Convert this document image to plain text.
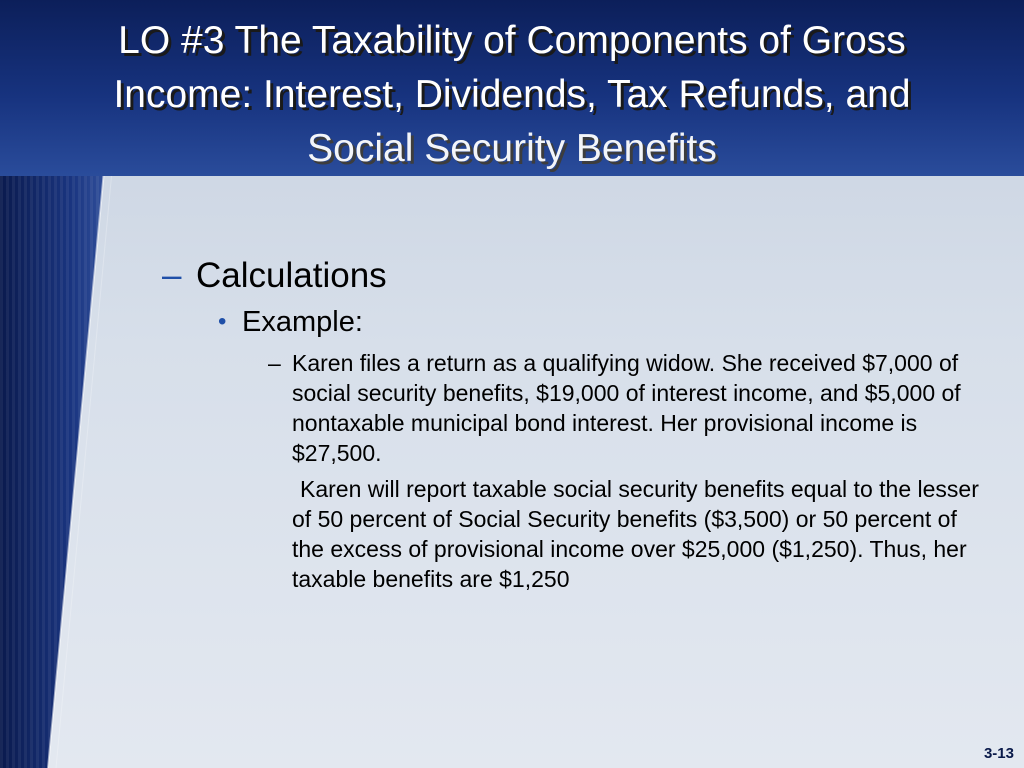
LO #3 The Taxability of Components of Gross
Income: Interest, Dividends, Tax Refunds, and
Social Security Benefits
– Calculations
• Example:
– Karen files a return as a qualifying widow. She received $7,000 of social security benefits, $19,000 of interest income, and $5,000 of nontaxable municipal bond interest. Her provisional income is $27,500.
Karen will report taxable social security benefits equal to the lesser of 50 percent of Social Security benefits ($3,500) or 50 percent of the excess of provisional income over $25,000 ($1,250). Thus, her taxable benefits are $1,250
3-13
